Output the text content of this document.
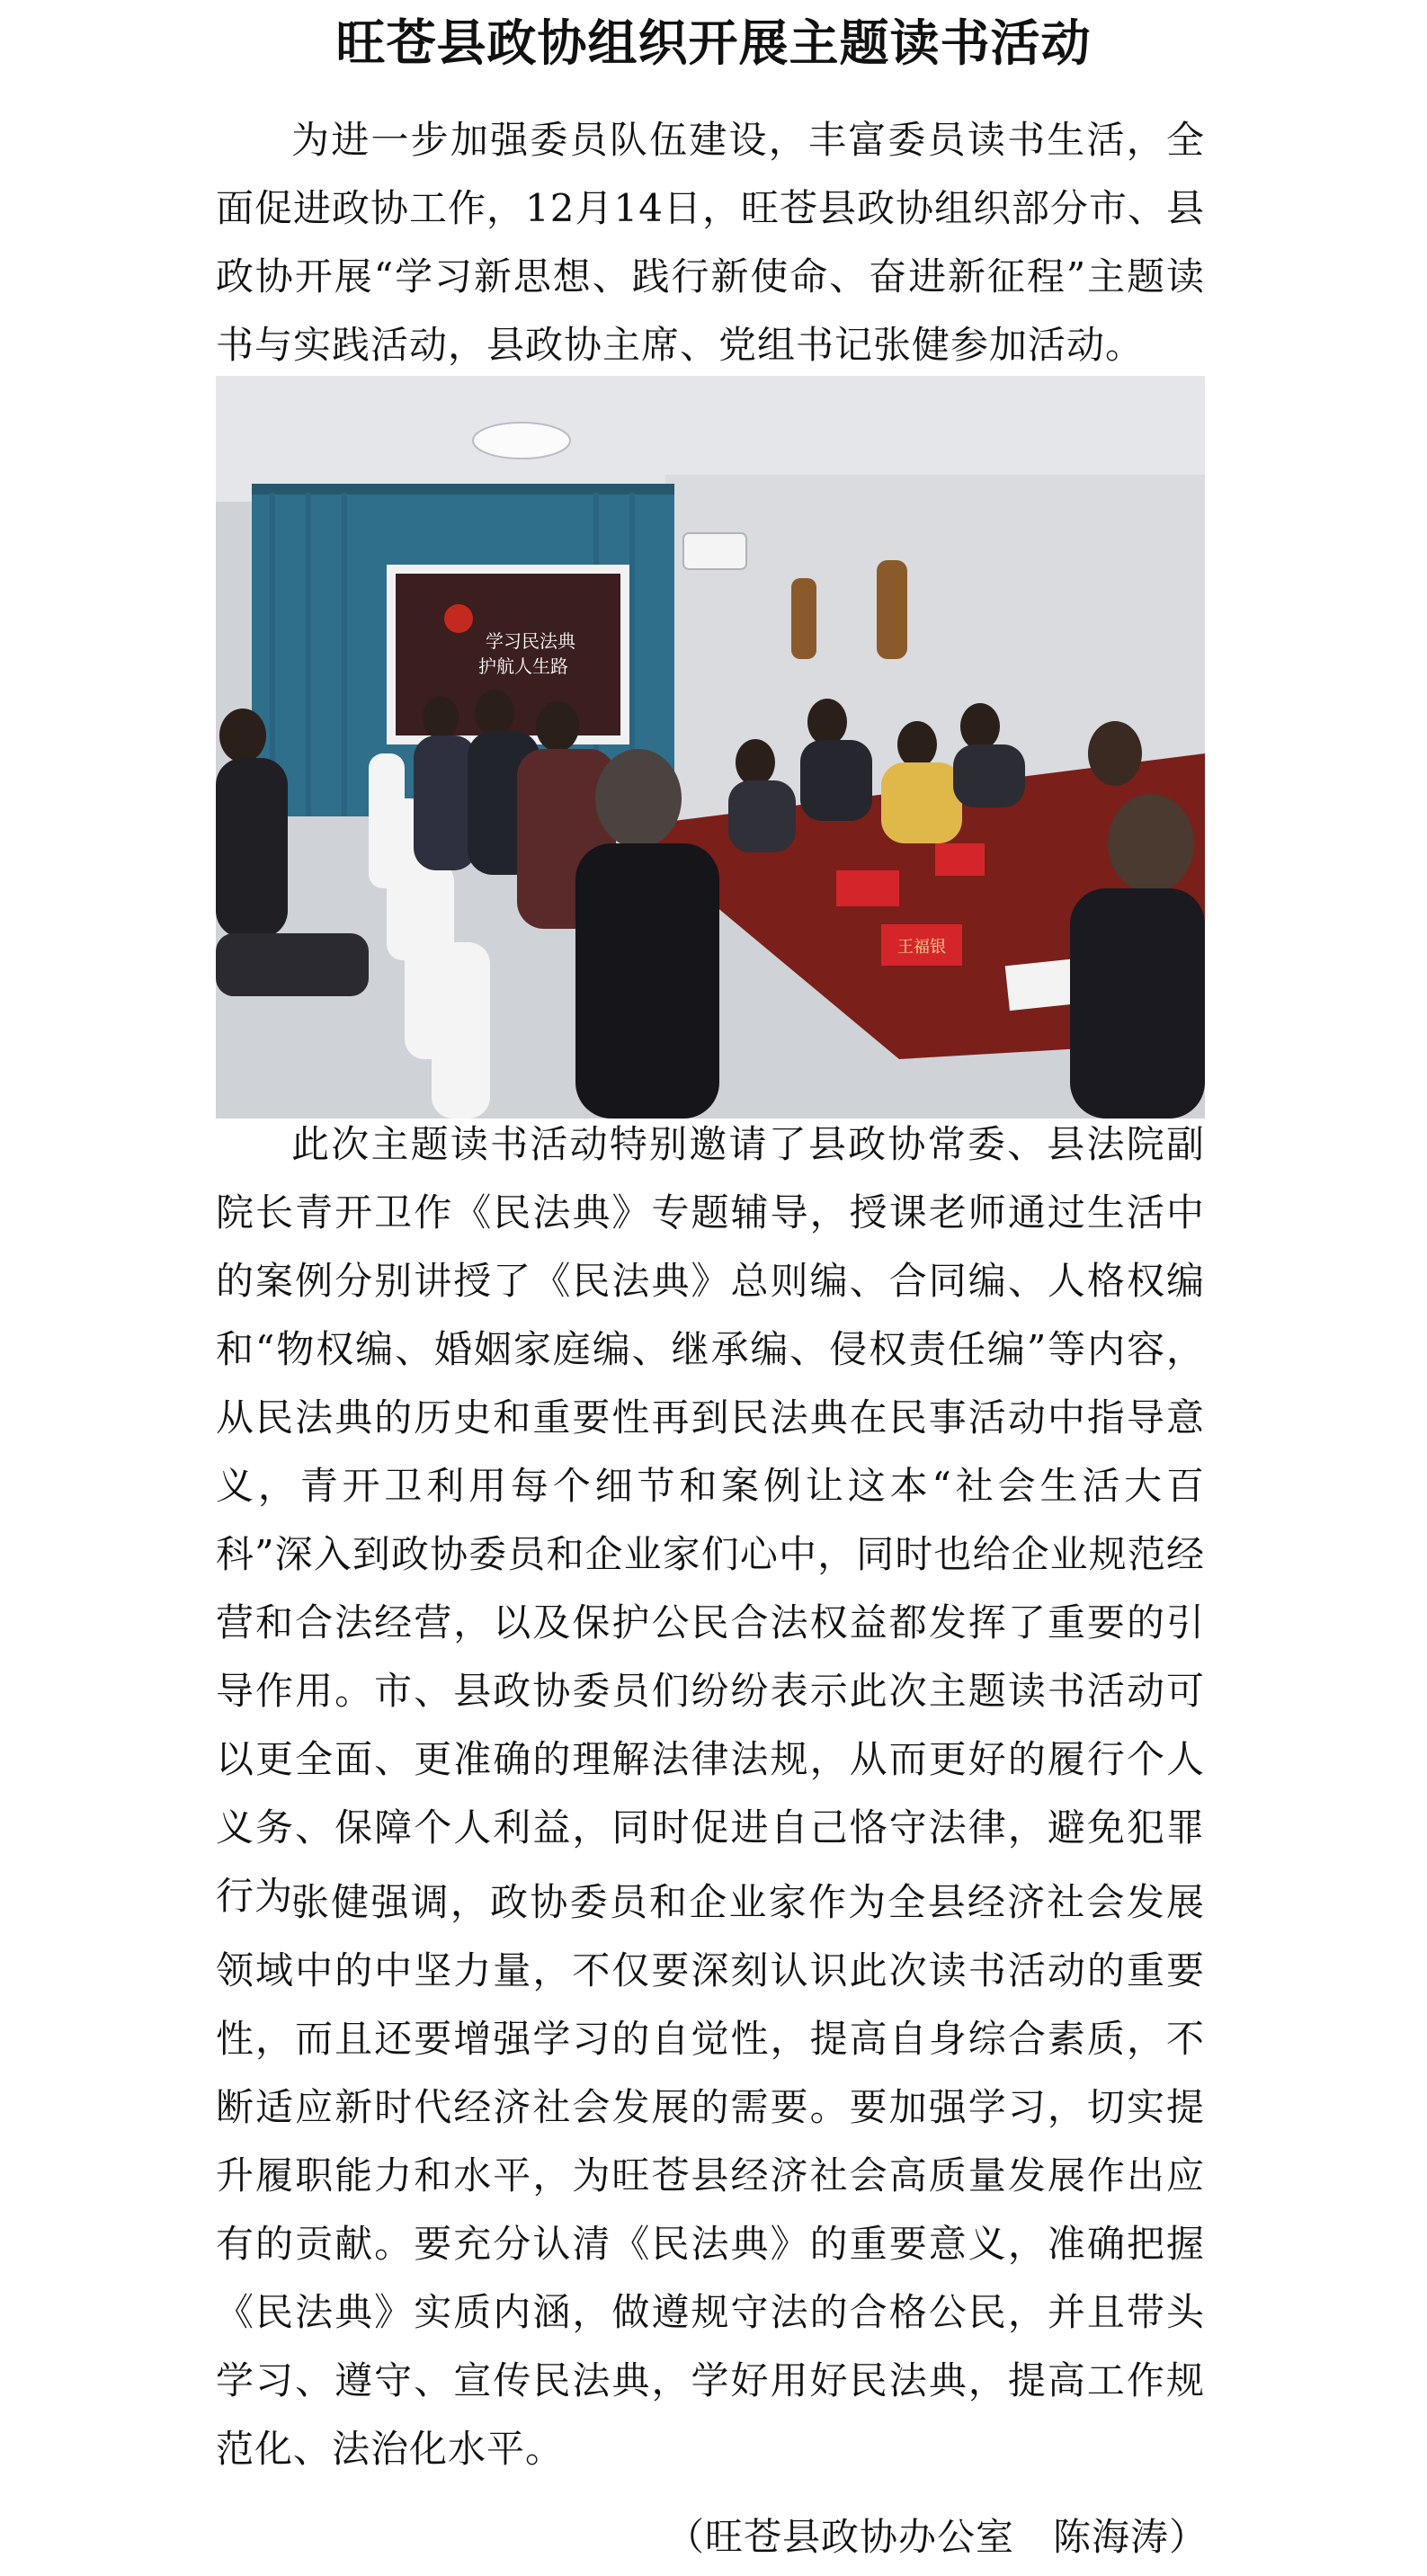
旺苍县政协组织开展主题读书活动

为进一步加强委员队伍建设，丰富委员读书生活，全面促进政协工作，12月14日，旺苍县政协组织部分市、县政协开展“学习新思想、践行新使命、奋进新征程”主题读书与实践活动，县政协主席、党组书记张健参加活动。

学习民法典
护航人生路
王福银

此次主题读书活动特别邀请了县政协常委、县法院副院长青开卫作《民法典》专题辅导，授课老师通过生活中的案例分别讲授了《民法典》总则编、合同编、人格权编和“物权编、婚姻家庭编、继承编、侵权责任编”等内容，从民法典的历史和重要性再到民法典在民事活动中指导意义，青开卫利用每个细节和案例让这本“社会生活大百科”深入到政协委员和企业家们心中，同时也给企业规范经营和合法经营，以及保护公民合法权益都发挥了重要的引导作用。市、县政协委员们纷纷表示此次主题读书活动可以更全面、更准确的理解法律法规，从而更好的履行个人义务、保障个人利益，同时促进自己恪守法律，避免犯罪行为。

张健强调，政协委员和企业家作为全县经济社会发展领域中的中坚力量，不仅要深刻认识此次读书活动的重要性，而且还要增强学习的自觉性，提高自身综合素质，不断适应新时代经济社会发展的需要。要加强学习，切实提升履职能力和水平，为旺苍县经济社会高质量发展作出应有的贡献。要充分认清《民法典》的重要意义，准确把握《民法典》实质内涵，做遵规守法的合格公民，并且带头学习、遵守、宣传民法典，学好用好民法典，提高工作规范化、法治化水平。

（旺苍县政协办公室　陈海涛）
